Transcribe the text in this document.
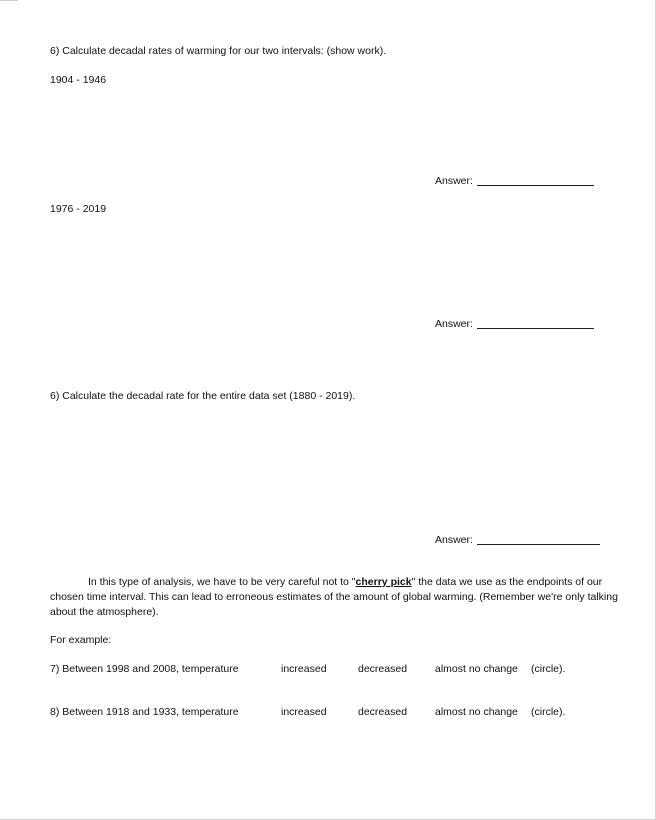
6) Calculate decadal rates of warming for our two intervals: (show work).
1904 - 1946
Answer:
1976 - 2019
Answer:
6) Calculate the decadal rate for the entire data set (1880 - 2019).
Answer:
In this type of analysis, we have to be very careful not to "cherry pick" the data we use as the endpoints of our chosen time interval. This can lead to erroneous estimates of the amount of global warming. (Remember we're only talking about the atmosphere).
For example:
7) Between 1998 and 2008, temperature	increased	decreased	almost no change (circle).
8) Between 1918 and 1933, temperature	increased	decreased	almost no change (circle).
